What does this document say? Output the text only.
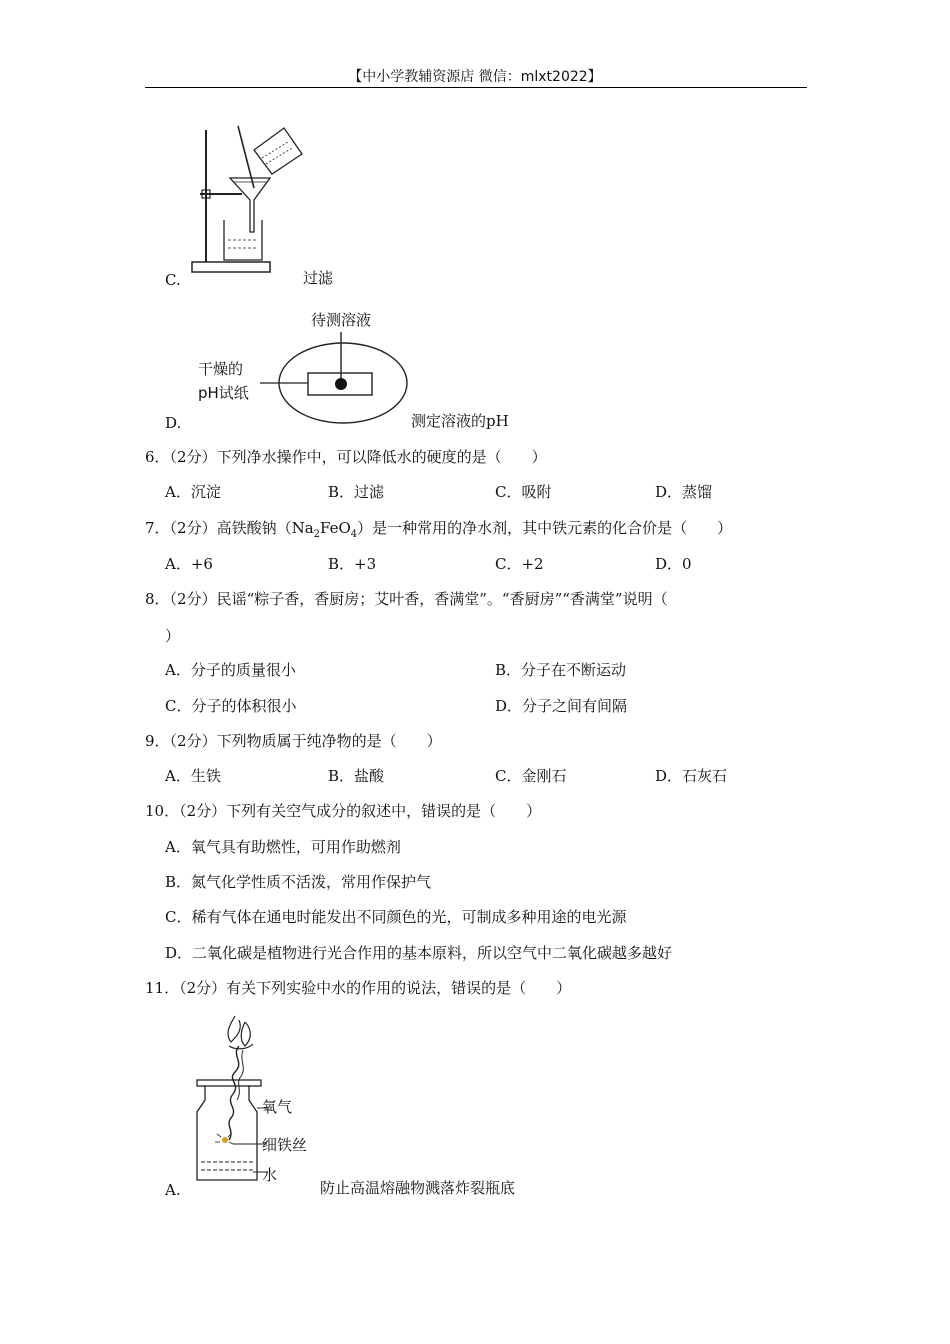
【中小学教辅资源店 微信：mlxt2022】
C.	过滤
待测溶液
干燥的
pH试纸
D.	测定溶液的pH
6．（2分）下列净水操作中，可以降低水的硬度的是（　　）
A．沉淀	B．过滤	C．吸附	D．蒸馏
7．（2分）高铁酸钠$(Na_2FeO_4)$是一种常用的净水剂，其中铁元素的化合价是（　　）
A．+6	B．+3	C．+2	D．0
8．（2分）民谣“粽子香，香厨房；艾叶香，香满堂”。“香厨房”“香满堂”说明（
）
A．分子的质量很小	B．分子在不断运动
C．分子的体积很小	D．分子之间有间隔
9．（2分）下列物质属于纯净物的是（　　）
A．生铁	B．盐酸	C．金刚石	D．石灰石
10．（2分）下列有关空气成分的叙述中，错误的是（　　）
A．氧气具有助燃性，可用作助燃剂
B．氮气化学性质不活泼，常用作保护气
C．稀有气体在通电时能发出不同颜色的光，可制成多种用途的电光源
D．二氧化碳是植物进行光合作用的基本原料，所以空气中二氧化碳越多越好
11．（2分）有关下列实验中水的作用的说法，错误的是（　　）
氧气
细铁丝
水
A.	防止高温熔融物溅落炸裂瓶底
